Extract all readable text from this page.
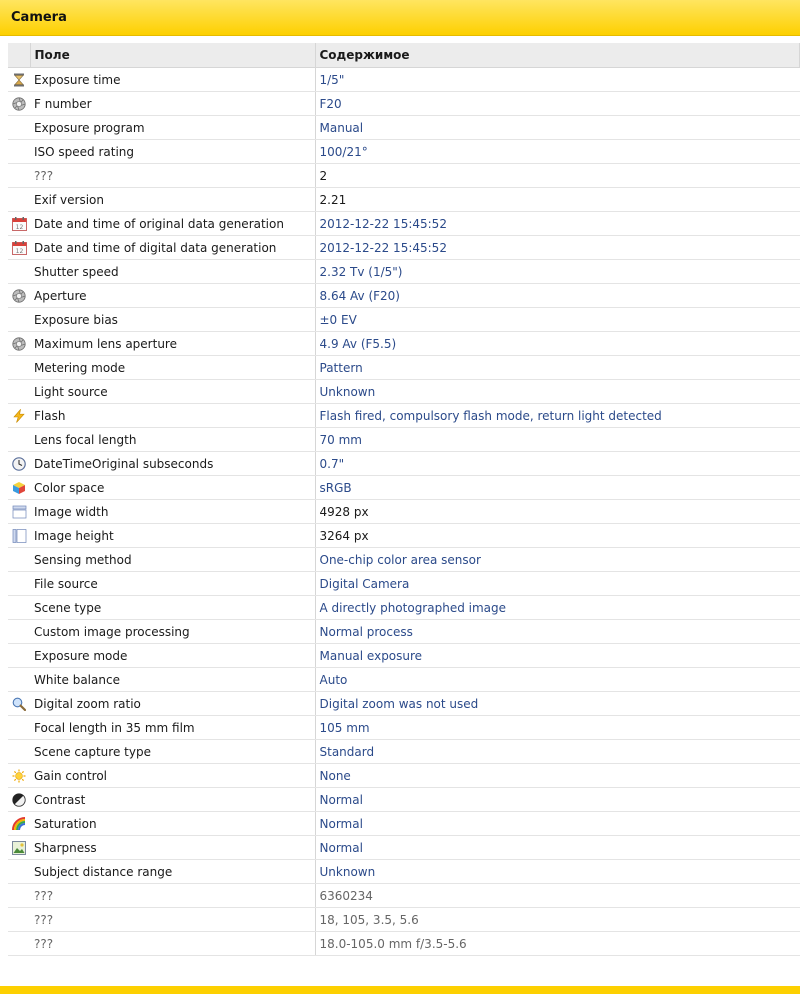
Camera
	Поле	Содержимое
	Exposure time	1/5"
	F number	F20
	Exposure program	Manual
	ISO speed rating	100/21°
	???	2
	Exif version	2.21

12	Date and time of original data generation	2012-12-22 15:45:52

12	Date and time of digital data generation	2012-12-22 15:45:52
	Shutter speed	2.32 Tv (1/5")
	Aperture	8.64 Av (F20)
	Exposure bias	±0 EV
	Maximum lens aperture	4.9 Av (F5.5)
	Metering mode	Pattern
	Light source	Unknown
	Flash	Flash fired, compulsory flash mode, return light detected
	Lens focal length	70 mm
	DateTimeOriginal subseconds	0.7"
	Color space	sRGB
	Image width	4928 px
	Image height	3264 px
	Sensing method	One-chip color area sensor
	File source	Digital Camera
	Scene type	A directly photographed image
	Custom image processing	Normal process
	Exposure mode	Manual exposure
	White balance	Auto
	Digital zoom ratio	Digital zoom was not used
	Focal length in 35 mm film	105 mm
	Scene capture type	Standard
	Gain control	None
	Contrast	Normal
	Saturation	Normal
	Sharpness	Normal
	Subject distance range	Unknown
	???	6360234
	???	18, 105, 3.5, 5.6
	???	18.0-105.0 mm f/3.5-5.6
